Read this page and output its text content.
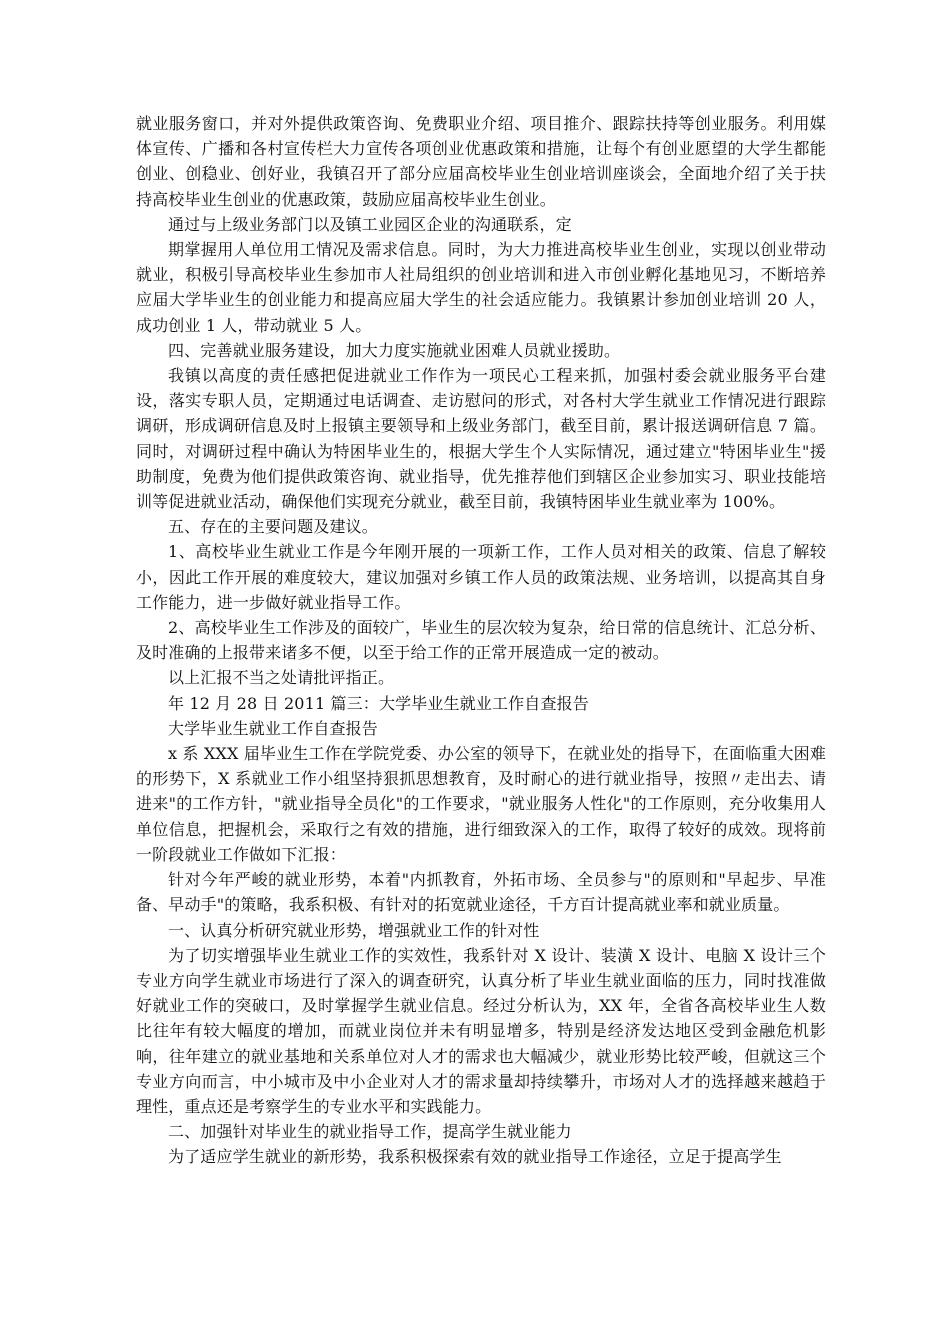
就业服务窗口，并对外提供政策咨询、免费职业介绍、项目推介、跟踪扶持等创业服务。利用媒体宣传、广播和各村宣传栏大力宣传各项创业优惠政策和措施，让每个有创业愿望的大学生都能创业、创稳业、创好业，我镇召开了部分应届高校毕业生创业培训座谈会，全面地介绍了关于扶持高校毕业生创业的优惠政策，鼓励应届高校毕业生创业。

通过与上级业务部门以及镇工业园区企业的沟通联系，定

期掌握用人单位用工情况及需求信息。同时，为大力推进高校毕业生创业，实现以创业带动就业，积极引导高校毕业生参加市人社局组织的创业培训和进入市创业孵化基地见习，不断培养应届大学毕业生的创业能力和提高应届大学生的社会适应能力。我镇累计参加创业培训 20 人，成功创业 1 人，带动就业 5 人。

四、完善就业服务建设，加大力度实施就业困难人员就业援助。

我镇以高度的责任感把促进就业工作作为一项民心工程来抓，加强村委会就业服务平台建设，落实专职人员，定期通过电话调查、走访慰问的形式，对各村大学生就业工作情况进行跟踪调研，形成调研信息及时上报镇主要领导和上级业务部门，截至目前，累计报送调研信息 7 篇。同时，对调研过程中确认为特困毕业生的，根据大学生个人实际情况，通过建立"特困毕业生"援助制度，免费为他们提供政策咨询、就业指导，优先推荐他们到辖区企业参加实习、职业技能培训等促进就业活动，确保他们实现充分就业，截至目前，我镇特困毕业生就业率为 100%。

五、存在的主要问题及建议。

1、高校毕业生就业工作是今年刚开展的一项新工作，工作人员对相关的政策、信息了解较小，因此工作开展的难度较大，建议加强对乡镇工作人员的政策法规、业务培训，以提高其自身工作能力，进一步做好就业指导工作。

2、高校毕业生工作涉及的面较广，毕业生的层次较为复杂，给日常的信息统计、汇总分析、及时准确的上报带来诸多不便，以至于给工作的正常开展造成一定的被动。

以上汇报不当之处请批评指正。

年 12 月 28 日 2011 篇三：大学毕业生就业工作自查报告

大学毕业生就业工作自查报告

x 系 XXX 届毕业生工作在学院党委、办公室的领导下，在就业处的指导下，在面临重大困难的形势下，X 系就业工作小组坚持狠抓思想教育，及时耐心的进行就业指导，按照〃走出去、请进来"的工作方针，"就业指导全员化"的工作要求，"就业服务人性化"的工作原则，充分收集用人单位信息，把握机会，采取行之有效的措施，进行细致深入的工作，取得了较好的成效。现将前一阶段就业工作做如下汇报：

针对今年严峻的就业形势，本着"内抓教育，外拓市场、全员参与"的原则和"早起步、早准备、早动手"的策略，我系积极、有针对的拓宽就业途径，千方百计提高就业率和就业质量。

一、认真分析研究就业形势，增强就业工作的针对性

为了切实增强毕业生就业工作的实效性，我系针对 X 设计、装潢 X 设计、电脑 X 设计三个专业方向学生就业市场进行了深入的调查研究，认真分析了毕业生就业面临的压力，同时找准做好就业工作的突破口，及时掌握学生就业信息。经过分析认为，XX 年，全省各高校毕业生人数比往年有较大幅度的增加，而就业岗位并未有明显增多，特别是经济发达地区受到金融危机影响，往年建立的就业基地和关系单位对人才的需求也大幅减少，就业形势比较严峻，但就这三个专业方向而言，中小城市及中小企业对人才的需求量却持续攀升，市场对人才的选择越来越趋于理性，重点还是考察学生的专业水平和实践能力。

二、加强针对毕业生的就业指导工作，提高学生就业能力

为了适应学生就业的新形势，我系积极探索有效的就业指导工作途径，立足于提高学生
